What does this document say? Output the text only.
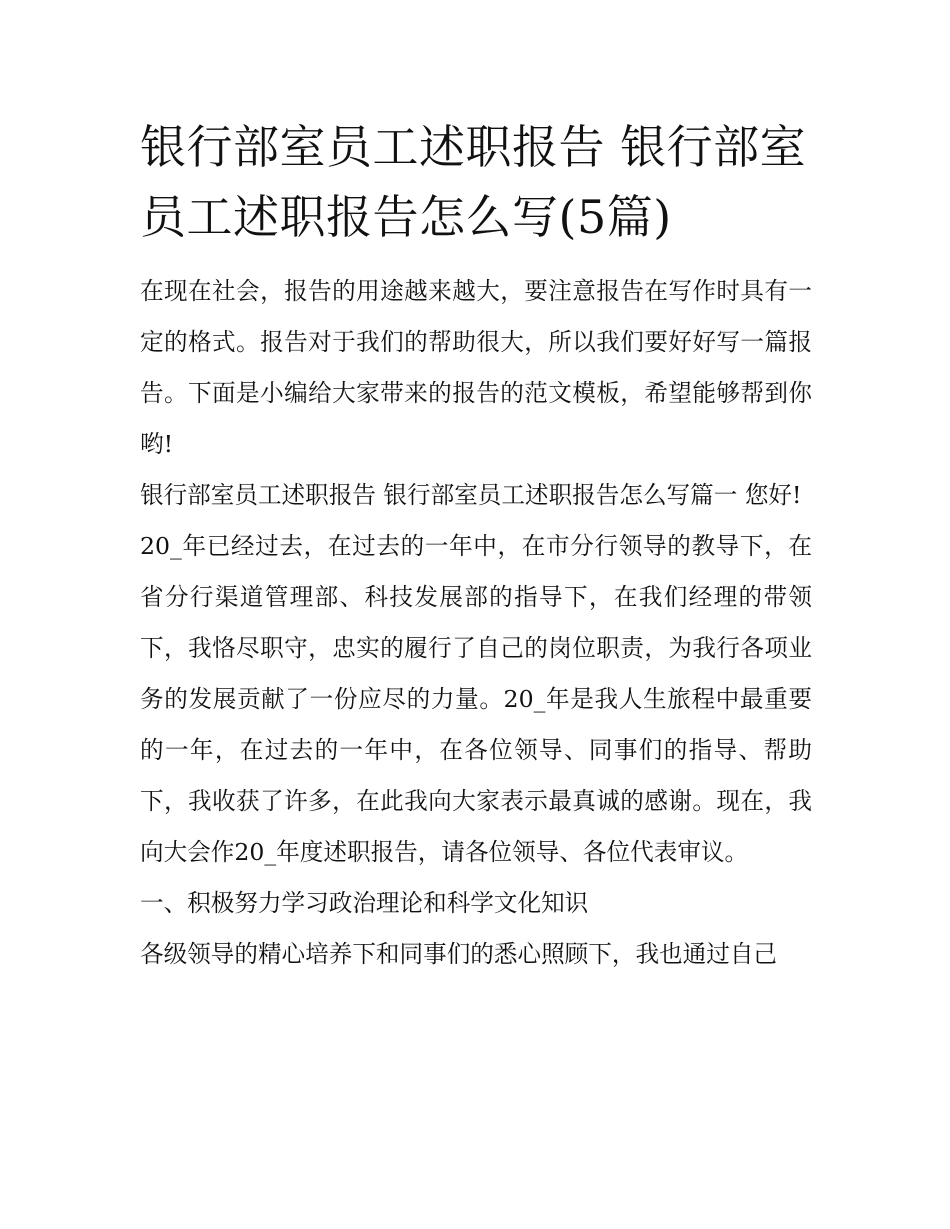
银行部室员工述职报告 银行部室员工述职报告怎么写(5篇)

在现在社会，报告的用途越来越大，要注意报告在写作时具有一定的格式。报告对于我们的帮助很大，所以我们要好好写一篇报告。下面是小编给大家带来的报告的范文模板，希望能够帮到你哟!

银行部室员工述职报告 银行部室员工述职报告怎么写篇一 您好!

20_年已经过去，在过去的一年中，在市分行领导的教导下，在省分行渠道管理部、科技发展部的指导下，在我们经理的带领下，我恪尽职守，忠实的履行了自己的岗位职责，为我行各项业务的发展贡献了一份应尽的力量。20_年是我人生旅程中最重要的一年，在过去的一年中，在各位领导、同事们的指导、帮助下，我收获了许多，在此我向大家表示最真诚的感谢。现在，我向大会作20_年度述职报告，请各位领导、各位代表审议。

一、积极努力学习政治理论和科学文化知识

各级领导的精心培养下和同事们的悉心照顾下，我也通过自己
